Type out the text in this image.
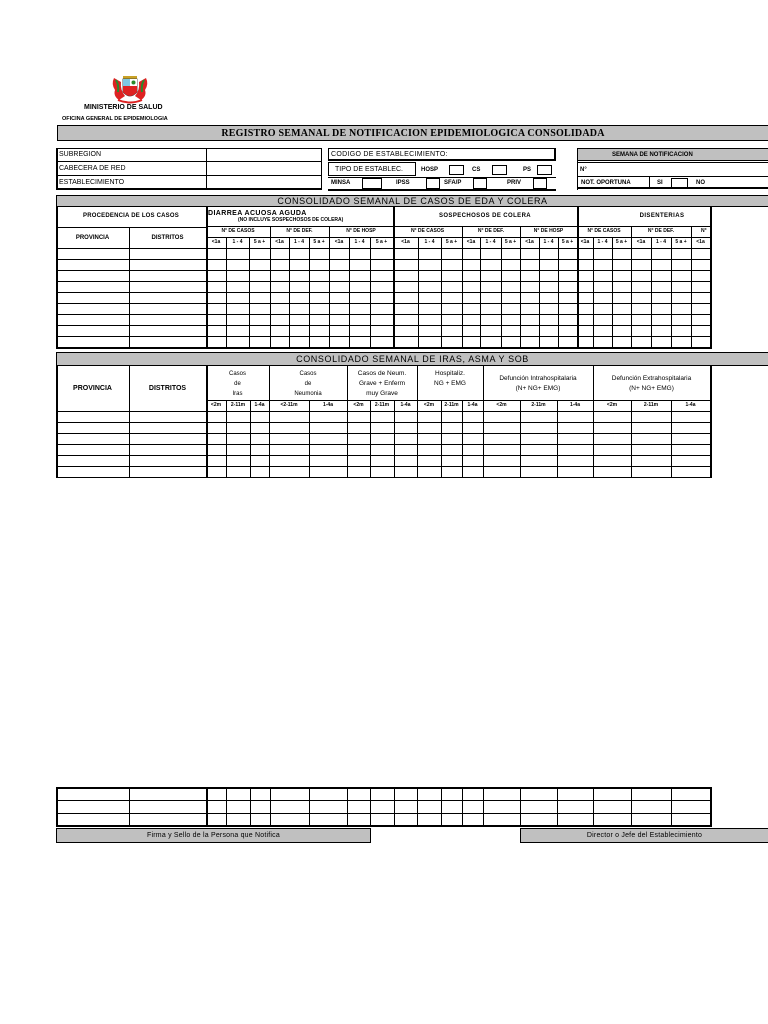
MINISTERIO DE SALUD
OFICINA GENERAL DE EPIDEMIOLOGIA
REGISTRO SEMANAL DE NOTIFICACION EPIDEMIOLOGICA CONSOLIDADA
SUBREGION
CABECERA DE RED
ESTABLECIMIENTO
CODIGO DE ESTABLECIMIENTO:
TIPO DE ESTABLEC.	HOSP	CS	PS
MINSA	IPSS	SFA/P	PRIV
SEMANA DE NOTIFICACION
N°
NOT. OPORTUNA	SI	NO
CONSOLIDADO SEMANAL DE CASOS DE EDA Y COLERA
PROCEDENCIA DE LOS CASOS
PROVINCIA	DISTRITOS
DIARREA ACUOSA AGUDA
(NO INCLUYE SOSPECHOSOS DE COLERA)
SOSPECHOSOS DE COLERA	DISENTERIAS
N° DE CASOS	N° DE DEF.	N° DE HOSP	N° DE CASOS	N° DE DEF.	N° DE HOSP	N° DE CASOS	N° DE DEF.	N°
<1a	1 - 4	5 a +	<1a	1 - 4	5 a +	<1a	1 - 4	5 a +	<1a	1 - 4	5 a +	<1a	1 - 4	5 a +	<1a	1 - 4	5 a +	<1a	1 - 4	5 a +	<1a	1 - 4	5 a +	<1a
CONSOLIDADO SEMANAL DE IRAS, ASMA Y SOB
PROVINCIA	DISTRITOS
Casos
de
Iras
Casos
de
Neumonia
Casos de Neum.
Grave + Enferm
muy Grave
Hospitaliz.
NG + EMG
Defunción Intrahospitalaria
(N+ NG+ EMG)
Defunción Extrahospitalaria
(N+ NG+ EMG)
<2m	2-11m	1-4a	<2-11m	1-4a	<2m	2-11m	1-4a	<2m	2-11m	1-4a	<2m	2-11m	1-4a	<2m	2-11m	1-4a
Firma y Sello de la Persona que Notifica	Director o Jefe del Establecimiento
